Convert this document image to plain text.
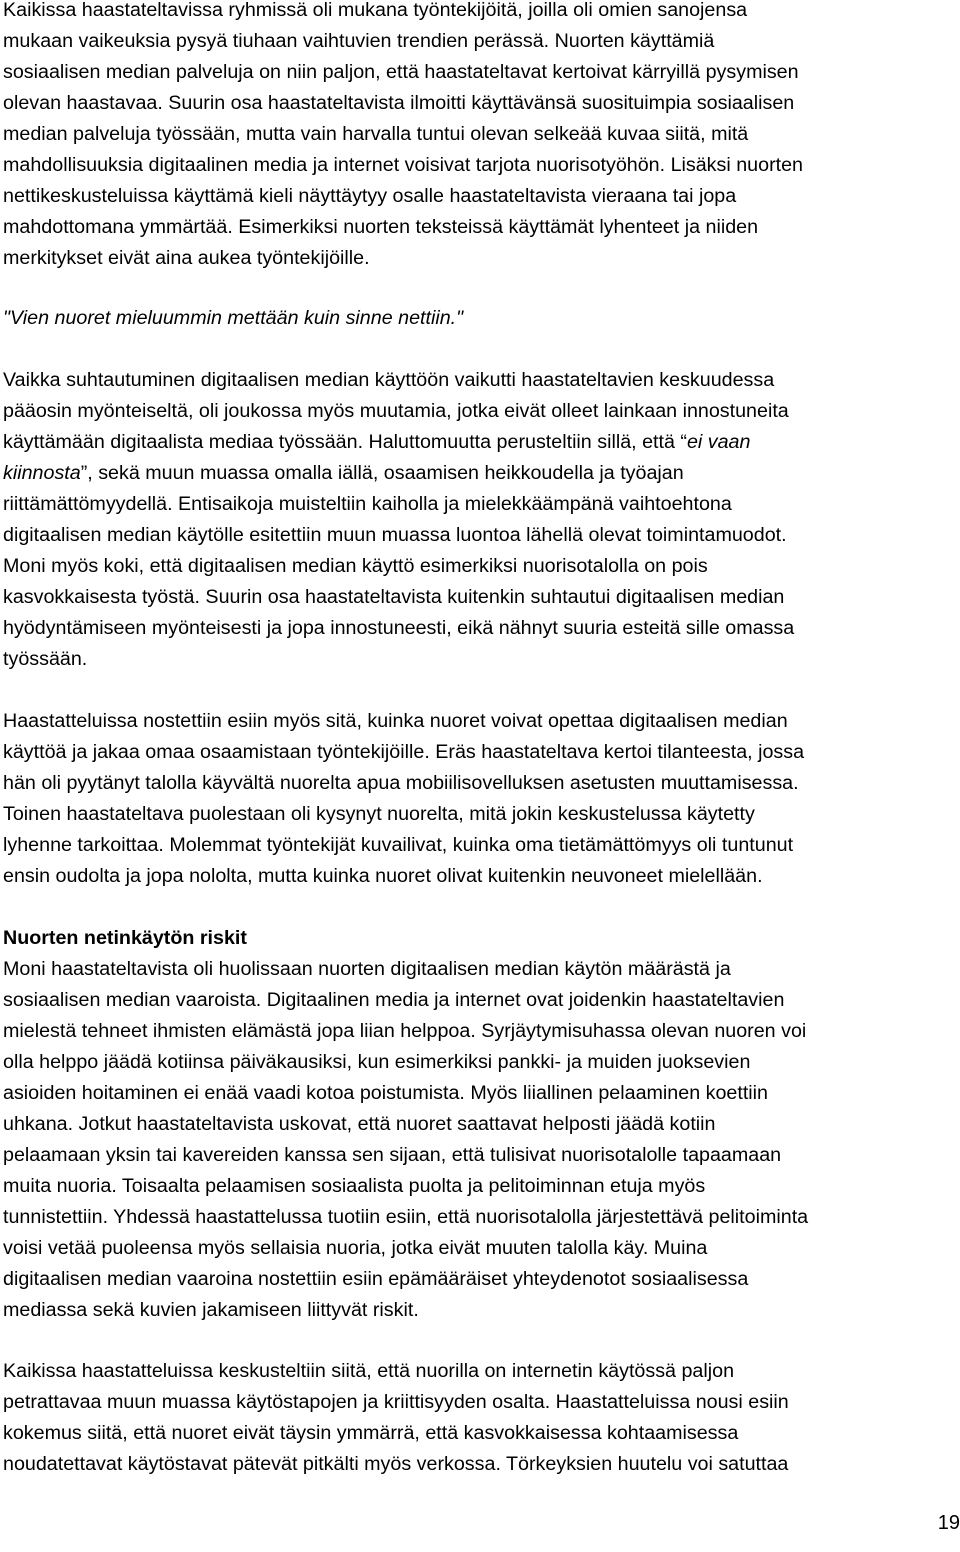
Kaikissa haastateltavissa ryhmissä oli mukana työntekijöitä, joilla oli omien sanojensa
mukaan vaikeuksia pysyä tiuhaan vaihtuvien trendien perässä. Nuorten käyttämiä
sosiaalisen median palveluja on niin paljon, että haastateltavat kertoivat kärryillä pysymisen
olevan haastavaa. Suurin osa haastateltavista ilmoitti käyttävänsä suosituimpia sosiaalisen
median palveluja työssään, mutta vain harvalla tuntui olevan selkeää kuvaa siitä, mitä
mahdollisuuksia digitaalinen media ja internet voisivat tarjota nuorisotyöhön. Lisäksi nuorten
nettikeskusteluissa käyttämä kieli näyttäytyy osalle haastateltavista vieraana tai jopa
mahdottomana ymmärtää. Esimerkiksi nuorten teksteissä käyttämät lyhenteet ja niiden
merkitykset eivät aina aukea työntekijöille.
"Vien nuoret mieluummin mettään kuin sinne nettiin."
Vaikka suhtautuminen digitaalisen median käyttöön vaikutti haastateltavien keskuudessa
pääosin myönteiseltä, oli joukossa myös muutamia, jotka eivät olleet lainkaan innostuneita
käyttämään digitaalista mediaa työssään. Haluttomuutta perusteltiin sillä, että “ei vaan
kiinnosta”, sekä muun muassa omalla iällä, osaamisen heikkoudella ja työajan
riittämättömyydellä. Entisaikoja muisteltiin kaiholla ja mielekkäämpänä vaihtoehtona
digitaalisen median käytölle esitettiin muun muassa luontoa lähellä olevat toimintamuodot.
Moni myös koki, että digitaalisen median käyttö esimerkiksi nuorisotalolla on pois
kasvokkaisesta työstä. Suurin osa haastateltavista kuitenkin suhtautui digitaalisen median
hyödyntämiseen myönteisesti ja jopa innostuneesti, eikä nähnyt suuria esteitä sille omassa
työssään.
Haastatteluissa nostettiin esiin myös sitä, kuinka nuoret voivat opettaa digitaalisen median
käyttöä ja jakaa omaa osaamistaan työntekijöille. Eräs haastateltava kertoi tilanteesta, jossa
hän oli pyytänyt talolla käyvältä nuorelta apua mobiilisovelluksen asetusten muuttamisessa.
Toinen haastateltava puolestaan oli kysynyt nuorelta, mitä jokin keskustelussa käytetty
lyhenne tarkoittaa. Molemmat työntekijät kuvailivat, kuinka oma tietämättömyys oli tuntunut
ensin oudolta ja jopa nololta, mutta kuinka nuoret olivat kuitenkin neuvoneet mielellään.
Nuorten netinkäytön riskit
Moni haastateltavista oli huolissaan nuorten digitaalisen median käytön määrästä ja
sosiaalisen median vaaroista. Digitaalinen media ja internet ovat joidenkin haastateltavien
mielestä tehneet ihmisten elämästä jopa liian helppoa. Syrjäytymisuhassa olevan nuoren voi
olla helppo jäädä kotiinsa päiväkausiksi, kun esimerkiksi pankki- ja muiden juoksevien
asioiden hoitaminen ei enää vaadi kotoa poistumista. Myös liiallinen pelaaminen koettiin
uhkana. Jotkut haastateltavista uskovat, että nuoret saattavat helposti jäädä kotiin
pelaamaan yksin tai kavereiden kanssa sen sijaan, että tulisivat nuorisotalolle tapaamaan
muita nuoria. Toisaalta pelaamisen sosiaalista puolta ja pelitoiminnan etuja myös
tunnistettiin. Yhdessä haastattelussa tuotiin esiin, että nuorisotalolla järjestettävä pelitoiminta
voisi vetää puoleensa myös sellaisia nuoria, jotka eivät muuten talolla käy. Muina
digitaalisen median vaaroina nostettiin esiin epämääräiset yhteydenotot sosiaalisessa
mediassa sekä kuvien jakamiseen liittyvät riskit.
Kaikissa haastatteluissa keskusteltiin siitä, että nuorilla on internetin käytössä paljon
petrattavaa muun muassa käytöstapojen ja kriittisyyden osalta. Haastatteluissa nousi esiin
kokemus siitä, että nuoret eivät täysin ymmärrä, että kasvokkaisessa kohtaamisessa
noudatettavat käytöstavat pätevät pitkälti myös verkossa. Törkeyksien huutelu voi satuttaa
19
